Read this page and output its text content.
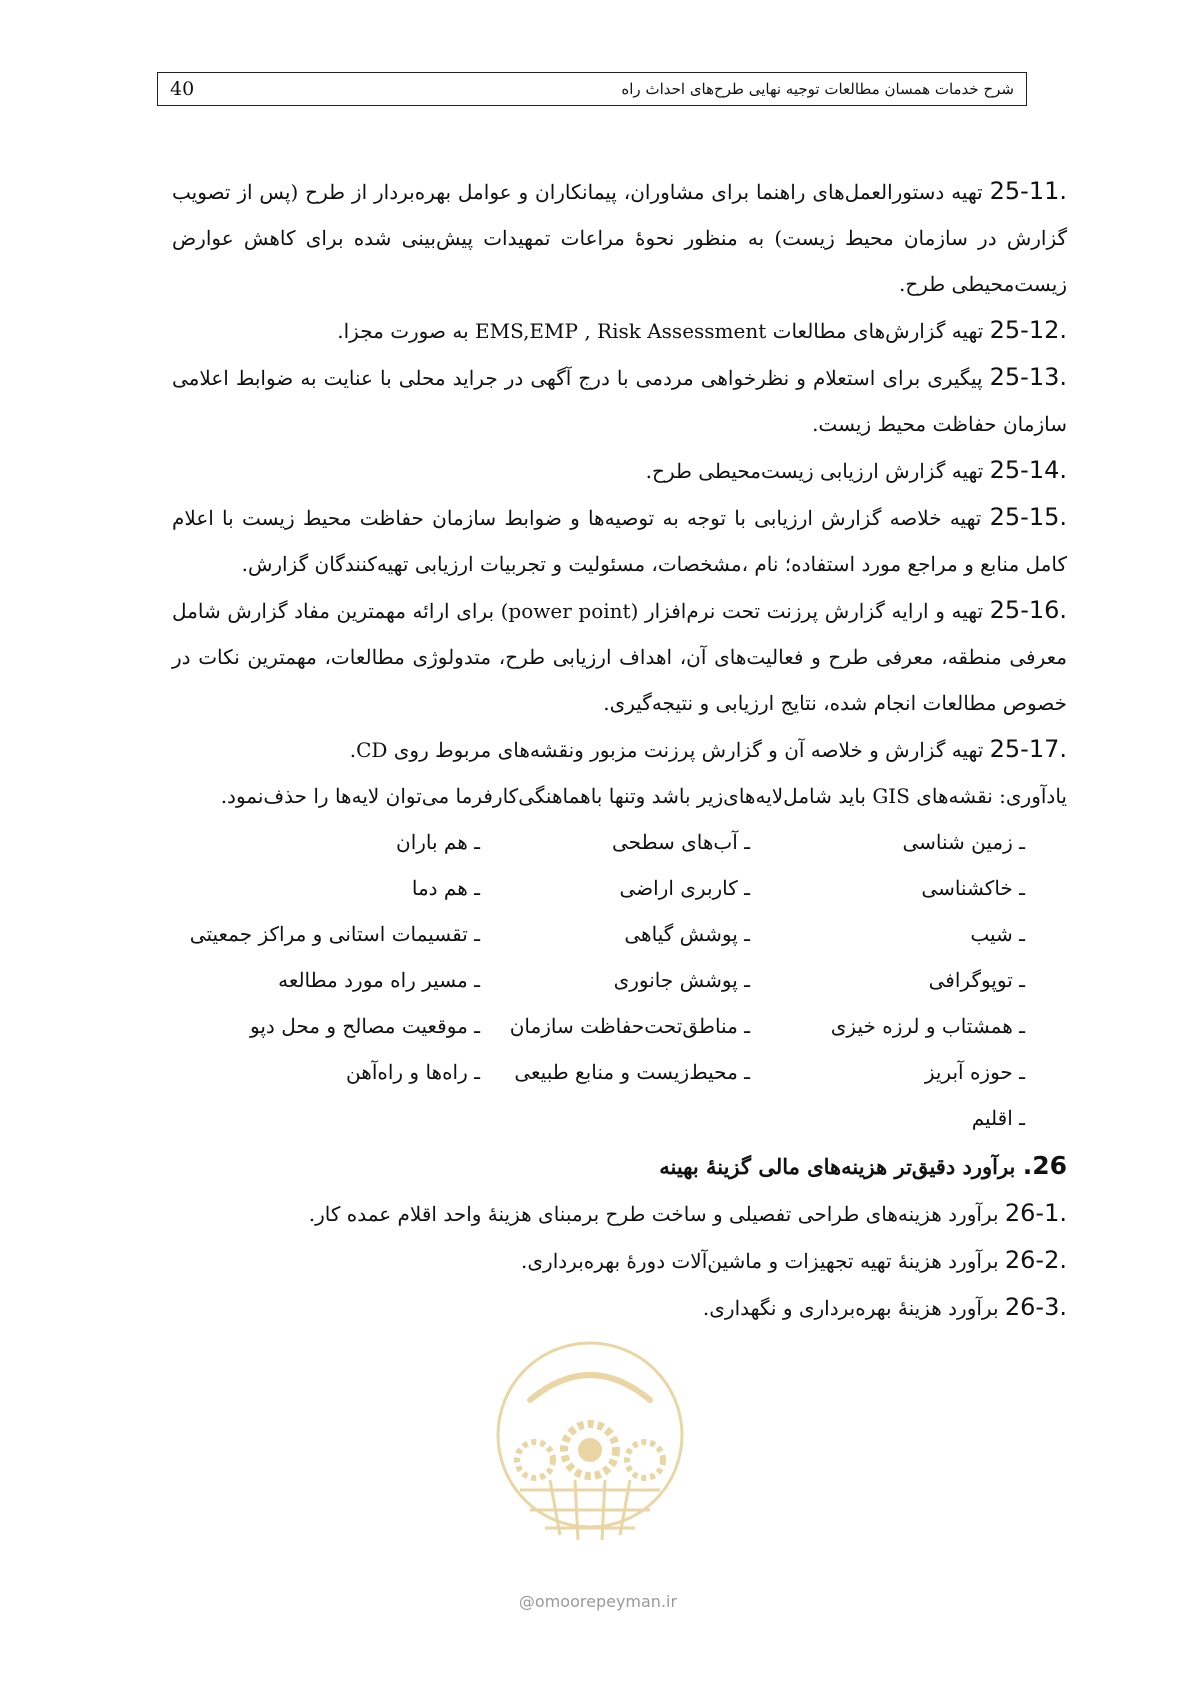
40	شرح خدمات همسان مطالعات توجیه نهایی طرح‌های احداث راه

25-11. تهیه دستورالعمل‌های راهنما برای مشاوران، پیمانکاران و عوامل بهره‌بردار از طرح (پس از تصویب گزارش در سازمان محیط زیست) به منظور نحوهٔ مراعات تمهیدات پیش‌بینی شده برای کاهش عوارض زیست‌محیطی طرح.

25-12. تهیه گزارش‌های مطالعات EMS,EMP , Risk Assessment به صورت مجزا.

25-13. پیگیری برای استعلام و نظرخواهی مردمی با درج آگهی در جراید محلی با عنایت به ضوابط اعلامی سازمان حفاظت محیط زیست.

25-14. تهیه گزارش ارزیابی زیست‌محیطی طرح.

25-15. تهیه خلاصه گزارش ارزیابی با توجه به توصیه‌ها و ضوابط سازمان حفاظت محیط زیست با اعلام کامل منابع و مراجع مورد استفاده؛ نام ،مشخصات، مسئولیت و تجربیات ارزیابی تهیه‌کنندگان گزارش.

25-16. تهیه و ارایه گزارش پرزنت تحت نرم‌افزار (power point) برای ارائه مهمترین مفاد گزارش شامل معرفی منطقه، معرفی طرح و فعالیت‌های آن، اهداف ارزیابی طرح، متدولوژی مطالعات، مهمترین نکات در خصوص مطالعات انجام شده، نتایج ارزیابی و نتیجه‌گیری.

25-17. تهیه گزارش و خلاصه آن و گزارش پرزنت مزبور ونقشه‌های مربوط روی CD.

یادآوری: نقشه‌های GIS باید شامل‌لایه‌های‌زیر باشد وتنها باهماهنگی‌کارفرما می‌توان لایه‌ها را حذف‌نمود.

ـ زمین شناسی
ـ آب‌های سطحی
ـ هم باران
ـ خاکشناسی
ـ کاربری اراضی
ـ هم دما
ـ شیب
ـ پوشش گیاهی
ـ تقسیمات استانی و مراکز جمعیتی
ـ توپوگرافی
ـ پوشش جانوری
ـ مسیر راه مورد مطالعه
ـ همشتاب و لرزه خیزی
ـ مناطق‌تحت‌حفاظت سازمان
ـ موقعیت مصالح و محل دپو
ـ حوزه آبریز
ـ محیط‌زیست و منابع طبیعی
ـ راه‌ها و راه‌آهن
ـ اقلیم
26. برآورد دقیق‌تر هزینه‌های مالی گزینهٔ بهینه

26-1. برآورد هزینه‌های طراحی تفصیلی و ساخت طرح برمبنای هزینهٔ واحد اقلام عمده کار.

26-2. برآورد هزینهٔ تهیه تجهیزات و ماشین‌آلات دورهٔ بهره‌برداری.

26-3. برآورد هزینهٔ بهره‌برداری و نگهداری.

@omoorepeyman.ir
